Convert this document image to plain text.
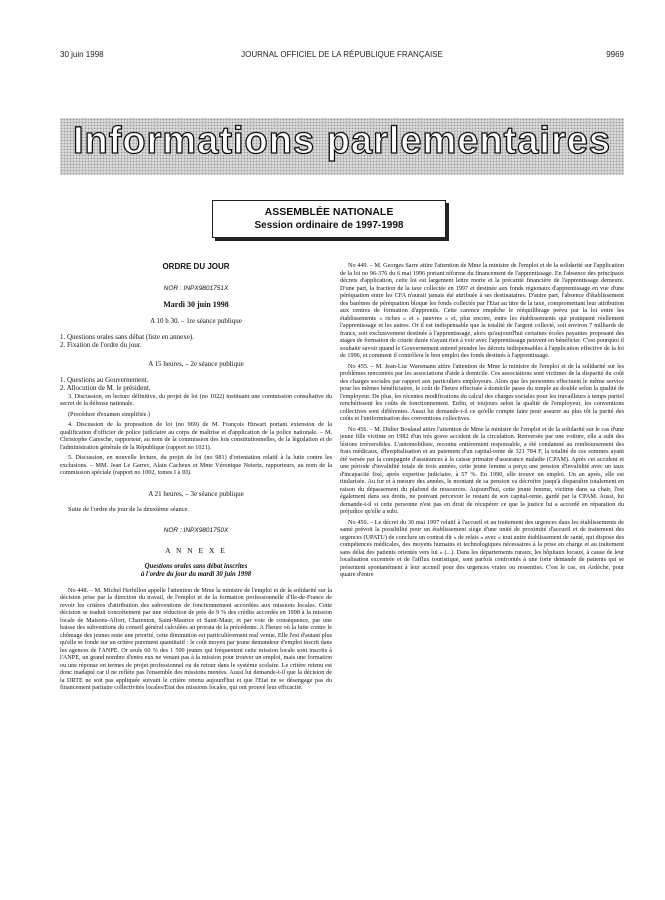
30 juin 1998	JOURNAL OFFICIEL DE LA RÉPUBLIQUE FRANÇAISE	9969
Informations parlementaires
ASSEMBLÉE NATIONALE
Session ordinaire de 1997-1998

ORDRE DU JOUR

NOR : INPX9801751X

Mardi 30 juin 1998

A 10 h 30. – 1re séance publique

1. Questions orales sans débat (liste en annexe).

2. Fixation de l'ordre du jour.

A 15 heures, – 2e séance publique

1. Questions au Gouvernement.

2. Allocution de M. le président.

3. Discussion, en lecture définitive, du projet de loi (no 1022) instituant une commission consultative du secret de la défense nationale.

(Procédure d'examen simplifiée.)

4. Discussion de la proposition de loi (no 969) de M. François Huwart portant extension de la qualification d'officier de police judiciaire au corps de maîtrise et d'application de la police nationale. – M. Christophe Caresche, rapporteur, au nom de la commission des lois constitutionnelles, de la législation et de l'administration générale de la République (rapport no 1021).

5. Discussion, en nouvelle lecture, du projet de loi (no 981) d'orientation relatif à la lutte contre les exclusions. – MM. Jean Le Garrec, Alain Cacheux et Mme Véronique Neiertz, rapporteurs, au nom de la commission spéciale (rapport no 1002, tomes I à III).

A 21 heures, – 3e séance publique

Suite de l'ordre du jour de la deuxième séance.

NOR : INPX9801750X

A N N E X E

Questions orales sans débat inscrites
à l'ordre du jour du mardi 30 juin 1998

No 448. – M. Michel Herbillon appelle l'attention de Mme la ministre de l'emploi et de la solidarité sur la décision prise par la direction du travail, de l'emploi et de la formation professionnelle d'Ile-de-France de revoir les critères d'attribution des subventions de fonctionnement accordées aux missions locales. Cette décision se traduit concrètement par une réduction de près de 9 % des crédits accordés en 1998 à la mission locale de Maisons-Alfort, Charenton, Saint-Maurice et Saint-Maur, et par voie de conséquence, par une baisse des subventions du conseil général calculées au prorata de la précédente. A l'heure où la lutte contre le chômage des jeunes reste une priorité, cette diminution est particulièrement mal venue. Elle l'est d'autant plus qu'elle se fonde sur un critère purement quantitatif : le coût moyen par jeune demandeur d'emploi inscrit dans les agences de l'ANPE. Or seuls 60 % des 1 500 jeunes qui fréquentent cette mission locale sont inscrits à l'ANPE, un grand nombre d'entre eux ne venant pas à la mission pour trouver un emploi, mais une formation ou une réponse en termes de projet professionnel ou de retour dans le système scolaire. Le critère retenu est donc inadapté car il ne reflète pas l'ensemble des missions menées. Aussi lui demande-t-il que la décision de la DRTE ne soit pas appliquée suivant le critère retenu aujourd'hui et que l'Etat ne se désengage pas du financement paritaire collectivités locales/Etat des missions locales, qui ont prouvé leur efficacité.

No 449. – M. Georges Sarre attire l'attention de Mme la ministre de l'emploi et de la solidarité sur l'application de la loi no 96-376 du 6 mai 1996 portant réforme du financement de l'apprentissage. En l'absence des principaux décrets d'application, cette loi est largement lettre morte et la précarité financière de l'apprentissage demeure. D'une part, la fraction de la taxe collectée en 1997 et destinée aux fonds régionaux d'apprentissage en vue d'une péréquation entre les CFA n'aurait jamais été attribuée à ses destinataires. D'autre part, l'absence d'établissement des barèmes de péréquation bloque les fonds collectés par l'Etat au titre de la taxe, compromettant leur attribution aux centres de formation d'apprentis. Cette carence empêche le rééquilibrage prévu par la loi entre les établissements « riches » et « pauvres » et, plus encore, entre les établissements qui pratiquent réellement l'apprentissage et les autres. Or il est indispensable que la totalité de l'argent collecté, soit environ 7 milliards de francs, soit exclusivement destinée à l'apprentissage, alors qu'aujourd'hui certaines écoles payantes proposant des stages de formation de courte durée n'ayant rien à voir avec l'apprentissage peuvent en bénéficier. C'est pourquoi il souhaite savoir quand le Gouvernement entend prendre les décrets indispensables à l'application effective de la loi de 1996, et comment il contrôlera le bon emploi des fonds destinés à l'apprentissage.

No 455. – M. Jean-Luc Warsmann attire l'attention de Mme la ministre de l'emploi et de la solidarité sur les problèmes rencontrés par les associations d'aide à domicile. Ces associations sont victimes de la disparité du coût des charges sociales par rapport aux particuliers employeurs. Alors que les personnes effectuent le même service pour les mêmes bénéficiaires, le coût de l'heure effectuée à domicile passe du simple au double selon la qualité de l'employeur. De plus, les récentes modifications du calcul des charges sociales pour les travailleurs à temps partiel renchérissent les coûts de fonctionnement. Enfin, et toujours selon la qualité de l'employeur, les conventions collectives sont différentes. Aussi lui demande-t-il ce qu'elle compte faire pour assurer au plus tôt la parité des coûts et l'uniformisation des conventions collectives.

No 456. – M. Didier Boulaud attire l'attention de Mme la ministre de l'emploi et de la solidarité sur le cas d'une jeune fille victime en 1982 d'un très grave accident de la circulation. Renversée par une voiture, elle a subi des lésions irréversibles. L'automobiliste, reconnu entièrement responsable, a été condamné au remboursement des frais médicaux, d'hospitalisation et au paiement d'un capital-rente de 321 784 F, la totalité de ces sommes ayant été versée par la compagnie d'assurances à la caisse primaire d'assurance maladie (CPAM). Après cet accident et une période d'invalidité totale de trois années, cette jeune femme a perçu une pension d'invalidité avec un taux d'incapacité fixé, après expertise judiciaire, à 57 %. En 1990, elle trouve un emploi. Un an après, elle est titularisée. Au fur et à mesure des années, le montant de sa pension va décroître jusqu'à disparaître totalement en raison du dépassement du plafond de ressources. Aujourd'hui, cette jeune femme, victime dans sa chair, l'est également dans ses droits, ne pouvant percevoir le restant de son capital-rente, gardé par la CPAM. Aussi, lui demande-t-il si cette personne n'est pas en droit de récupérer ce que la justice lui a accordé en réparation du préjudice qu'elle a subi.

No 450. – Le décret du 30 mai 1997 relatif à l'accueil et au traitement des urgences dans les établissements de santé prévoit la possibilité pour un établissement siège d'une unité de proximité d'accueil et de traitement des urgences (UPATU) de conclure un contrat dit « de relais » avec « tout autre établissement de santé, qui dispose des compétences médicales, des moyens humains et technologiques nécessaires à la prise en charge et au traitement sans délai des patients orientés vers lui » (...). Dans les départements ruraux, les hôpitaux locaux, à cause de leur localisation excentrée et de l'afflux touristique, sont parfois confrontés à une forte demande de patients qui se présentent spontanément à leur accueil pour des urgences vraies ou ressenties. C'est le cas, en Ardèche, pour quatre d'entre
